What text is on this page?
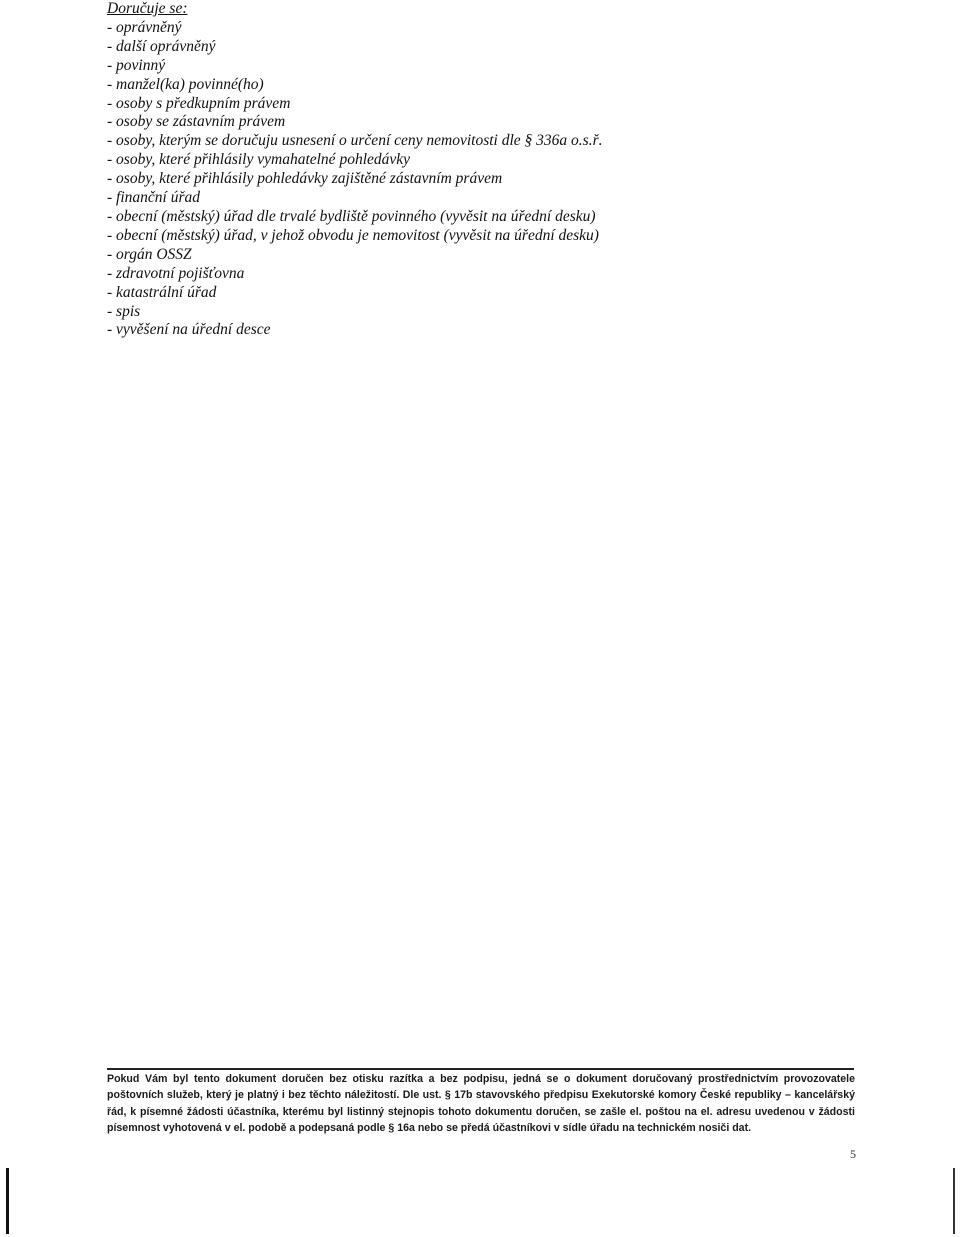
Doručuje se:
- oprávněný
- další oprávněný
- povinný
- manžel(ka) povinné(ho)
- osoby s předkupním právem
- osoby se zástavním právem
- osoby, kterým se doručuju usnesení o určení ceny nemovitosti dle § 336a o.s.ř.
- osoby, které přihlásily vymahatelné pohledávky
- osoby, které přihlásily pohledávky zajištěné zástavním právem
- finanční úřad
- obecní (městský) úřad dle trvalé bydliště povinného (vyvěsit na úřední desku)
- obecní (městský) úřad, v jehož obvodu je nemovitost (vyvěsit na úřední desku)
- orgán OSSZ
- zdravotní pojišťovna
- katastrální úřad
- spis
- vyvěšení na úřední desce
Pokud Vám byl tento dokument doručen bez otisku razítka a bez podpisu, jedná se o dokument doručovaný prostřednictvím provozovatele poštovních služeb, který je platný i bez těchto náležitostí. Dle ust. § 17b stavovského předpisu Exekutorské komory České republiky – kancelářský řád, k písemné žádosti účastníka, kterému byl listinný stejnopis tohoto dokumentu doručen, se zašle el. poštou na el. adresu uvedenou v žádosti písemnost vyhotovená v el. podobě a podepsaná podle § 16a nebo se předá účastníkovi v sídle úřadu na technickém nosiči dat.
5
